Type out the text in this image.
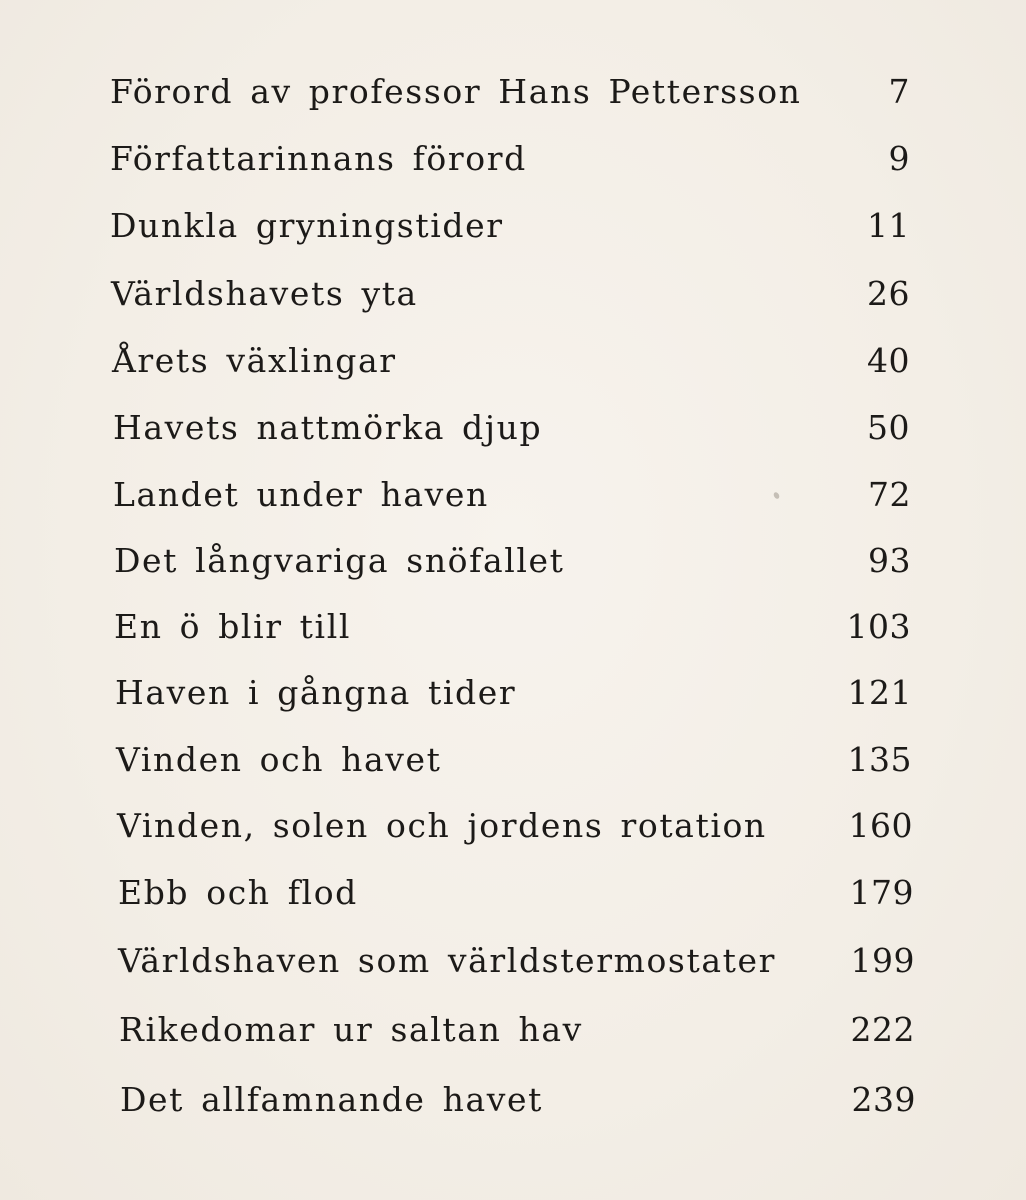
Förord av professor Hans Pettersson	7
Författarinnans förord	9
Dunkla gryningstider	11
Världshavets yta	26
Årets växlingar	40
Havets nattmörka djup	50
Landet under haven	72
Det långvariga snöfallet	93
En ö blir till	103
Haven i gångna tider	121
Vinden och havet	135
Vinden, solen och jordens rotation 160
Ebb och flod	179
Världshaven som världstermostater 199
Rikedomar ur saltan hav	222
Det allfamnande havet	239
